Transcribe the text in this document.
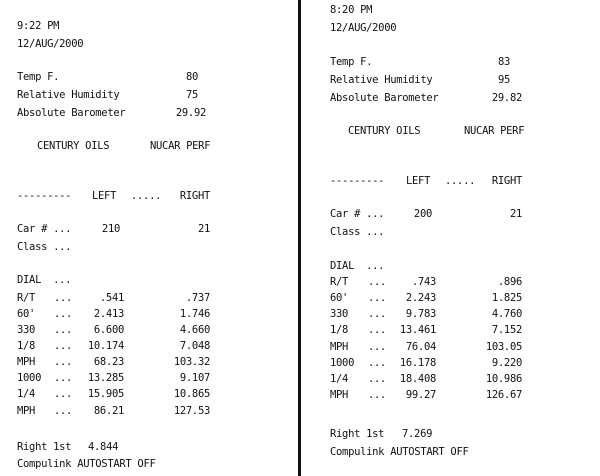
9:22 PM
12/AUG/2000
Temp F.	80
Relative Humidity	75
Absolute Barometer	29.92
CENTURY OILS	NUCAR PERF
--------- LEFT .....	RIGHT
Car # ...	210	21
Class ...
DIAL  ...
R/T ...	.541	.737
60' ...	2.413	1.746
330 ...	6.600	4.660
1/8 ...	10.174	7.048
MPH ...	68.23	103.32
1000 ...	13.285	9.107
1/4 ...	15.905	10.865
MPH ...	86.21	127.53
Right 1st 4.844
Compulink AUTOSTART OFF
8:20 PM
12/AUG/2000
Temp F.	83
Relative Humidity	95
Absolute Barometer	29.82
CENTURY OILS	NUCAR PERF
--------- LEFT .....	RIGHT
Car # ...	200	21
Class ...
DIAL  ...
R/T ...	.743	.896
60' ...	2.243	1.825
330 ...	9.783	4.760
1/8 ...	13.461	7.152
MPH ...	76.04	103.05
1000 ...	16.178	9.220
1/4 ...	18.408	10.986
MPH ...	99.27	126.67
Right 1st 7.269
Compulink AUTOSTART OFF
